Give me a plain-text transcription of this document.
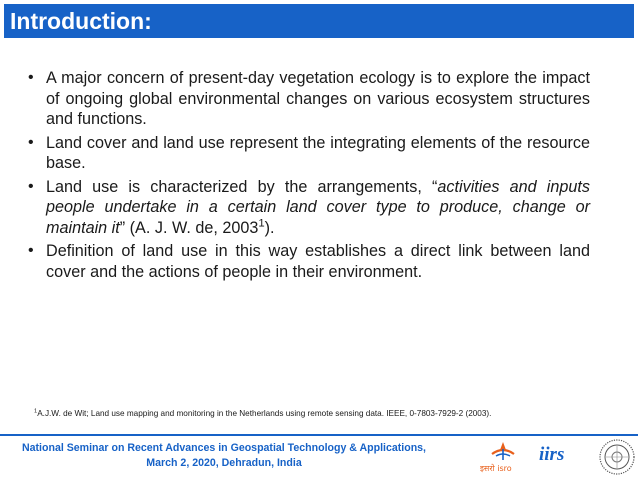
Introduction:
• A major concern of present-day vegetation ecology is to explore the impact of ongoing global environmental changes on various ecosystem structures and functions.
• Land cover and land use represent the integrating elements of the resource base.
• Land use is characterized by the arrangements, “activities and inputs people undertake in a certain land cover type to produce, change or maintain it” (A. J. W. de, 2003$^1$).
• Definition of land use in this way establishes a direct link between land cover and the actions of people in their environment.
$^1$A.J.W. de Wit; Land use mapping and monitoring in the Netherlands using remote sensing data. IEEE, 0-7803-7929-2 (2003).
National Seminar on Recent Advances in Geospatial Technology & Applications,
March 2, 2020, Dehradun, India	इसरो isro
iirs
